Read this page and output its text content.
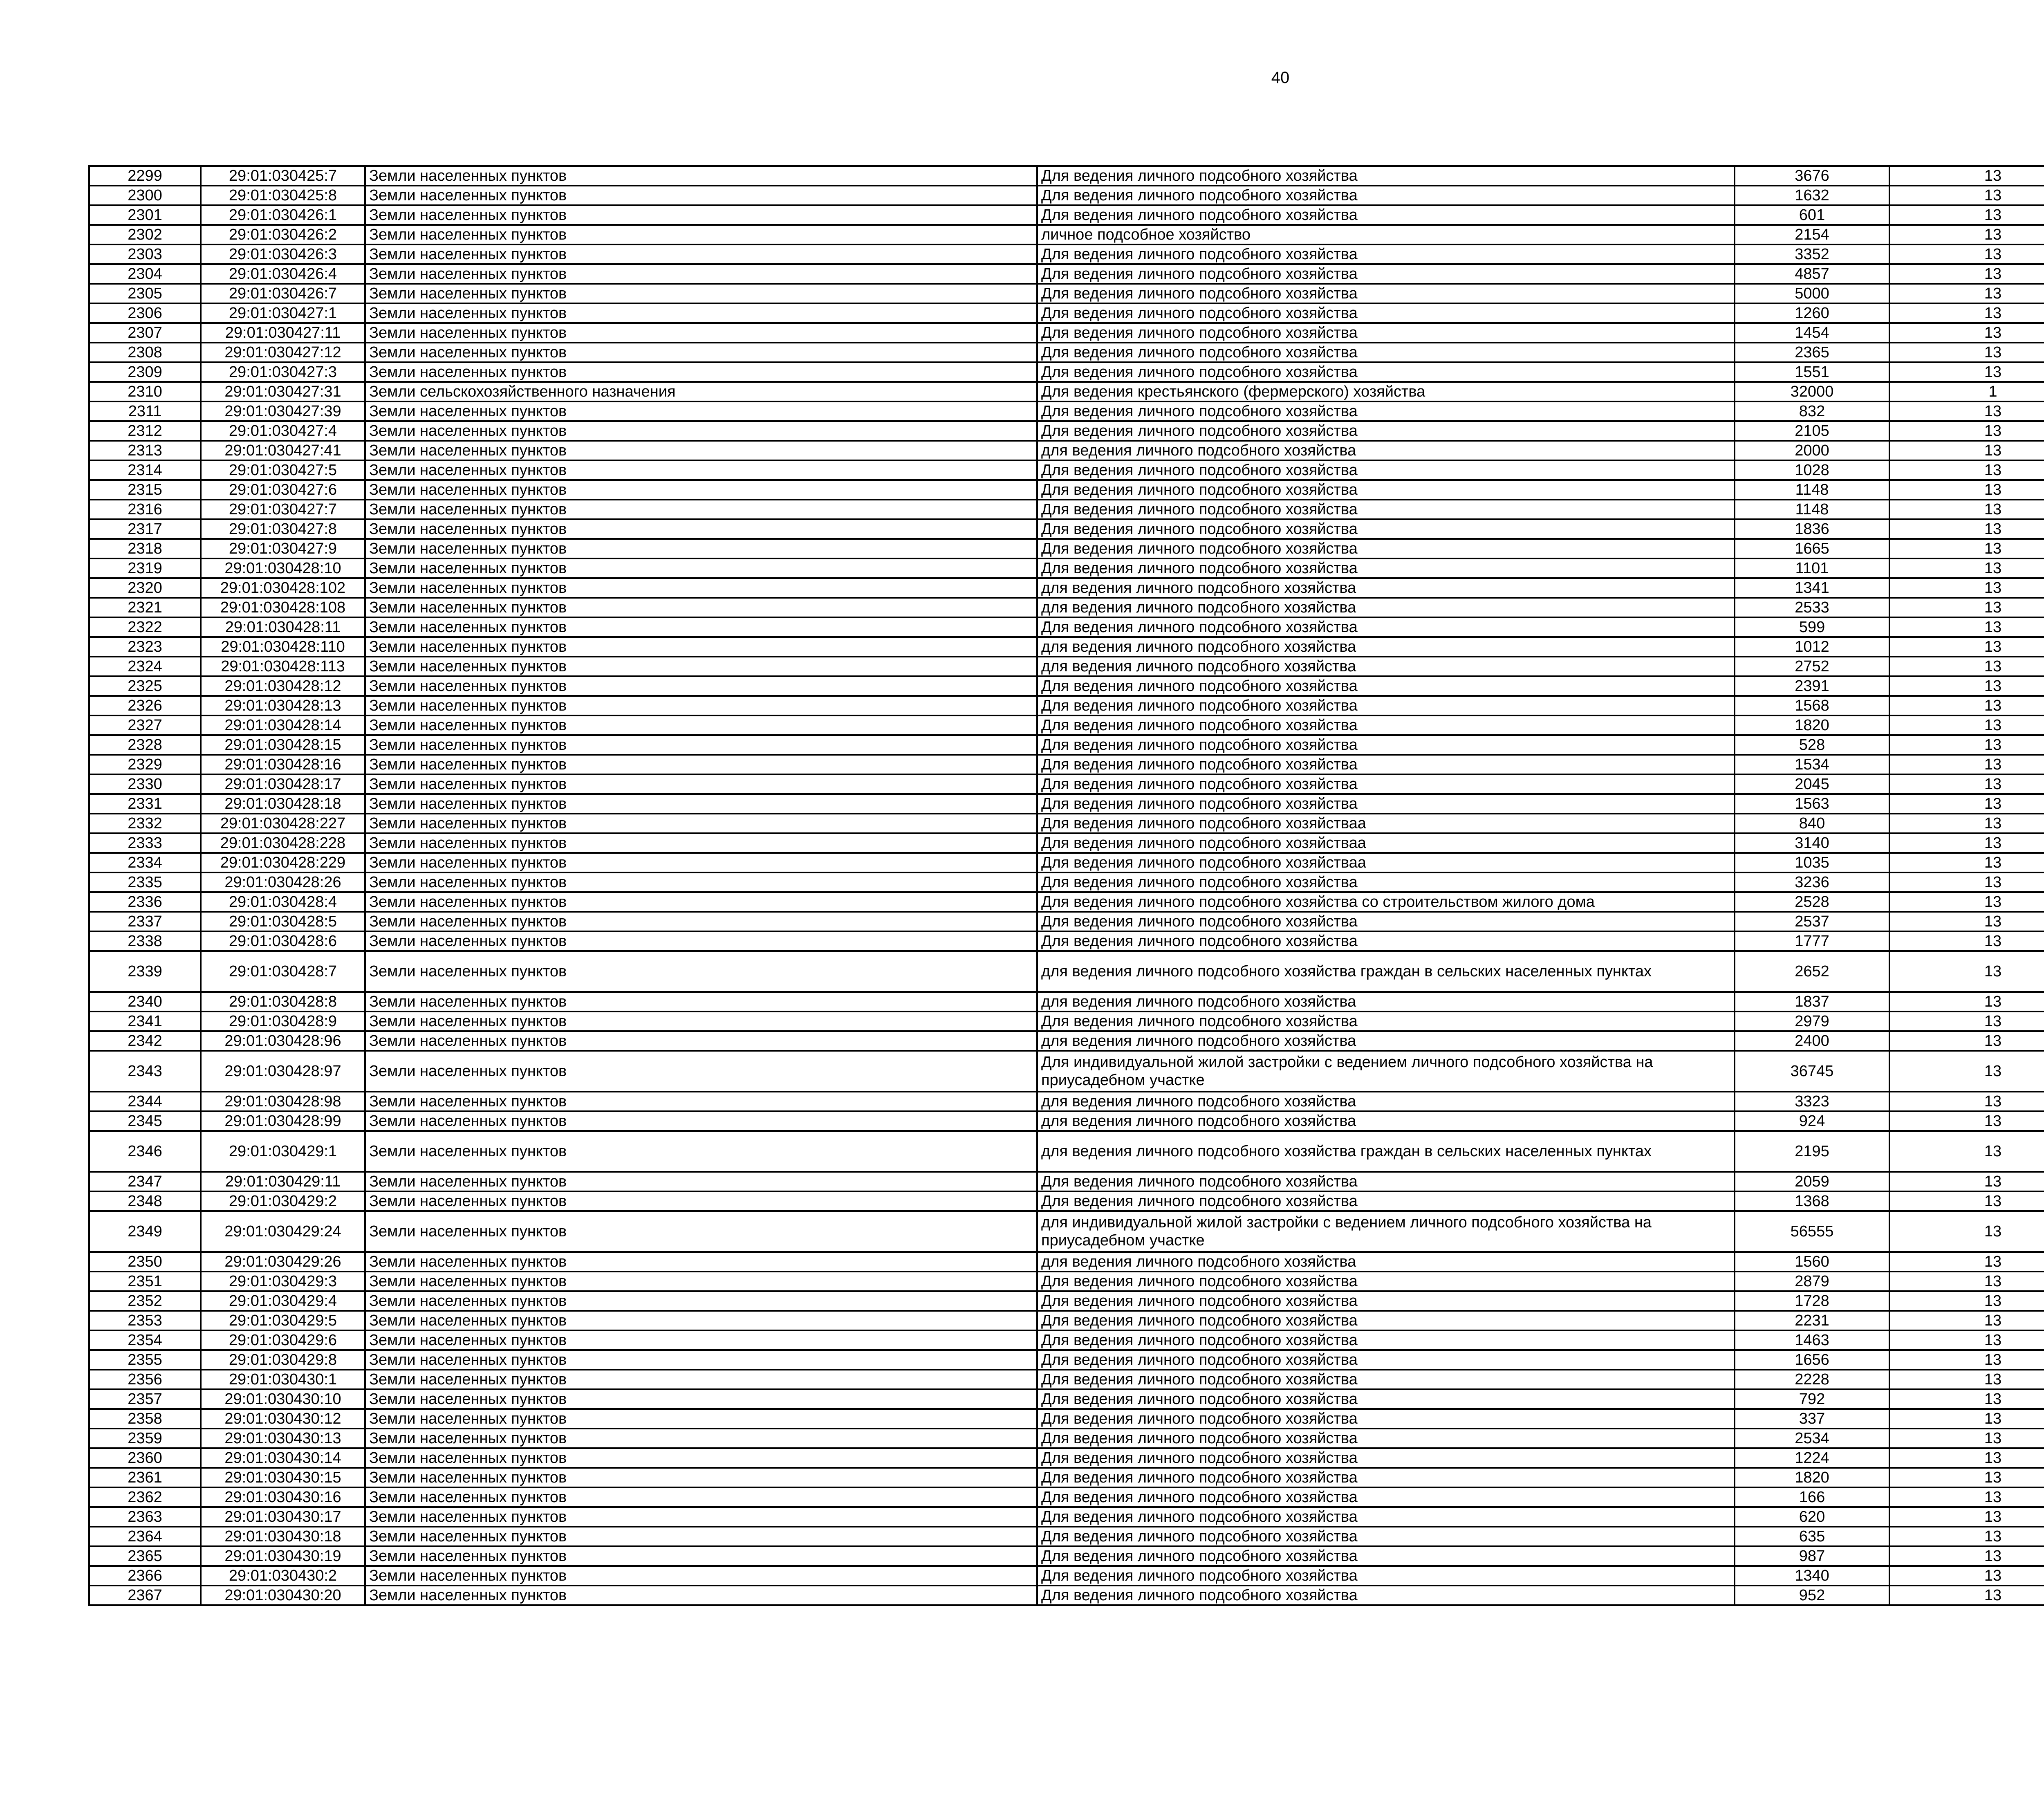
40
2299	29:01:030425:7	Земли населенных пунктов	Для ведения личного подсобного хозяйства	3676	13		
2300	29:01:030425:8	Земли населенных пунктов	Для ведения личного подсобного хозяйства	1632	13		
2301	29:01:030426:1	Земли населенных пунктов	Для ведения личного подсобного хозяйства	601	13		
2302	29:01:030426:2	Земли населенных пунктов	личное подсобное хозяйство	2154	13		
2303	29:01:030426:3	Земли населенных пунктов	Для ведения личного подсобного хозяйства	3352	13		
2304	29:01:030426:4	Земли населенных пунктов	Для ведения личного подсобного хозяйства	4857	13		
2305	29:01:030426:7	Земли населенных пунктов	Для ведения личного подсобного хозяйства	5000	13		
2306	29:01:030427:1	Земли населенных пунктов	Для ведения личного подсобного хозяйства	1260	13		
2307	29:01:030427:11	Земли населенных пунктов	Для ведения личного подсобного хозяйства	1454	13		
2308	29:01:030427:12	Земли населенных пунктов	Для ведения личного подсобного хозяйства	2365	13		
2309	29:01:030427:3	Земли населенных пунктов	Для ведения личного подсобного хозяйства	1551	13		
2310	29:01:030427:31	Земли сельскохозяйственного назначения	Для ведения крестьянского (фермерского) хозяйства	32000	1		
2311	29:01:030427:39	Земли населенных пунктов	Для ведения личного подсобного хозяйства	832	13		
2312	29:01:030427:4	Земли населенных пунктов	Для ведения личного подсобного хозяйства	2105	13		
2313	29:01:030427:41	Земли населенных пунктов	для ведения личного подсобного хозяйства	2000	13		
2314	29:01:030427:5	Земли населенных пунктов	Для ведения личного подсобного хозяйства	1028	13		
2315	29:01:030427:6	Земли населенных пунктов	Для ведения личного подсобного хозяйства	1148	13		
2316	29:01:030427:7	Земли населенных пунктов	Для ведения личного подсобного хозяйства	1148	13		
2317	29:01:030427:8	Земли населенных пунктов	Для ведения личного подсобного хозяйства	1836	13		
2318	29:01:030427:9	Земли населенных пунктов	Для ведения личного подсобного хозяйства	1665	13		
2319	29:01:030428:10	Земли населенных пунктов	Для ведения личного подсобного хозяйства	1101	13		
2320	29:01:030428:102	Земли населенных пунктов	для ведения личного подсобного хозяйства	1341	13		
2321	29:01:030428:108	Земли населенных пунктов	для ведения личного подсобного хозяйства	2533	13		
2322	29:01:030428:11	Земли населенных пунктов	Для ведения личного подсобного хозяйства	599	13		
2323	29:01:030428:110	Земли населенных пунктов	для ведения личного подсобного хозяйства	1012	13		
2324	29:01:030428:113	Земли населенных пунктов	для ведения личного подсобного хозяйства	2752	13		
2325	29:01:030428:12	Земли населенных пунктов	Для ведения личного подсобного хозяйства	2391	13		
2326	29:01:030428:13	Земли населенных пунктов	Для ведения личного подсобного хозяйства	1568	13		
2327	29:01:030428:14	Земли населенных пунктов	Для ведения личного подсобного хозяйства	1820	13		
2328	29:01:030428:15	Земли населенных пунктов	Для ведения личного подсобного хозяйства	528	13		
2329	29:01:030428:16	Земли населенных пунктов	Для ведения личного подсобного хозяйства	1534	13		
2330	29:01:030428:17	Земли населенных пунктов	Для ведения личного подсобного хозяйства	2045	13		
2331	29:01:030428:18	Земли населенных пунктов	Для ведения личного подсобного хозяйства	1563	13		
2332	29:01:030428:227	Земли населенных пунктов	Для ведения личного подсобного хозяйстваа	840	13		
2333	29:01:030428:228	Земли населенных пунктов	Для ведения личного подсобного хозяйстваа	3140	13		
2334	29:01:030428:229	Земли населенных пунктов	Для ведения личного подсобного хозяйстваа	1035	13		
2335	29:01:030428:26	Земли населенных пунктов	Для ведения личного подсобного хозяйства	3236	13		
2336	29:01:030428:4	Земли населенных пунктов	Для ведения личного подсобного хозяйства со строительством жилого дома	2528	13		
2337	29:01:030428:5	Земли населенных пунктов	Для ведения личного подсобного хозяйства	2537	13		
2338	29:01:030428:6	Земли населенных пунктов	Для ведения личного подсобного хозяйства	1777	13		
2339	29:01:030428:7	Земли населенных пунктов	для ведения личного подсобного хозяйства граждан в сельских населенных пунктах	2652	13		
2340	29:01:030428:8	Земли населенных пунктов	для ведения личного подсобного хозяйства	1837	13		
2341	29:01:030428:9	Земли населенных пунктов	Для ведения личного подсобного хозяйства	2979	13		
2342	29:01:030428:96	Земли населенных пунктов	для ведения личного подсобного хозяйства	2400	13		
2343	29:01:030428:97	Земли населенных пунктов	Для индивидуальной жилой застройки с ведением личного подсобного хозяйства на приусадебном участке	36745	13		
2344	29:01:030428:98	Земли населенных пунктов	для ведения личного подсобного хозяйства	3323	13		
2345	29:01:030428:99	Земли населенных пунктов	для ведения личного подсобного хозяйства	924	13		
2346	29:01:030429:1	Земли населенных пунктов	для ведения личного подсобного хозяйства граждан в сельских населенных пунктах	2195	13		
2347	29:01:030429:11	Земли населенных пунктов	Для ведения личного подсобного хозяйства	2059	13		
2348	29:01:030429:2	Земли населенных пунктов	Для ведения личного подсобного хозяйства	1368	13		
2349	29:01:030429:24	Земли населенных пунктов	для индивидуальной жилой застройки с ведением личного подсобного хозяйства на приусадебном участке	56555	13		
2350	29:01:030429:26	Земли населенных пунктов	для ведения личного подсобного хозяйства	1560	13		
2351	29:01:030429:3	Земли населенных пунктов	Для ведения личного подсобного хозяйства	2879	13		
2352	29:01:030429:4	Земли населенных пунктов	Для ведения личного подсобного хозяйства	1728	13		
2353	29:01:030429:5	Земли населенных пунктов	Для ведения личного подсобного хозяйства	2231	13		
2354	29:01:030429:6	Земли населенных пунктов	Для ведения личного подсобного хозяйства	1463	13		
2355	29:01:030429:8	Земли населенных пунктов	Для ведения личного подсобного хозяйства	1656	13		
2356	29:01:030430:1	Земли населенных пунктов	Для ведения личного подсобного хозяйства	2228	13		
2357	29:01:030430:10	Земли населенных пунктов	Для ведения личного подсобного хозяйства	792	13		
2358	29:01:030430:12	Земли населенных пунктов	Для ведения личного подсобного хозяйства	337	13		
2359	29:01:030430:13	Земли населенных пунктов	Для ведения личного подсобного хозяйства	2534	13		
2360	29:01:030430:14	Земли населенных пунктов	Для ведения личного подсобного хозяйства	1224	13		
2361	29:01:030430:15	Земли населенных пунктов	Для ведения личного подсобного хозяйства	1820	13		
2362	29:01:030430:16	Земли населенных пунктов	Для ведения личного подсобного хозяйства	166	13		
2363	29:01:030430:17	Земли населенных пунктов	Для ведения личного подсобного хозяйства	620	13		
2364	29:01:030430:18	Земли населенных пунктов	Для ведения личного подсобного хозяйства	635	13		
2365	29:01:030430:19	Земли населенных пунктов	Для ведения личного подсобного хозяйства	987	13		
2366	29:01:030430:2	Земли населенных пунктов	Для ведения личного подсобного хозяйства	1340	13		
2367	29:01:030430:20	Земли населенных пунктов	Для ведения личного подсобного хозяйства	952	13		
